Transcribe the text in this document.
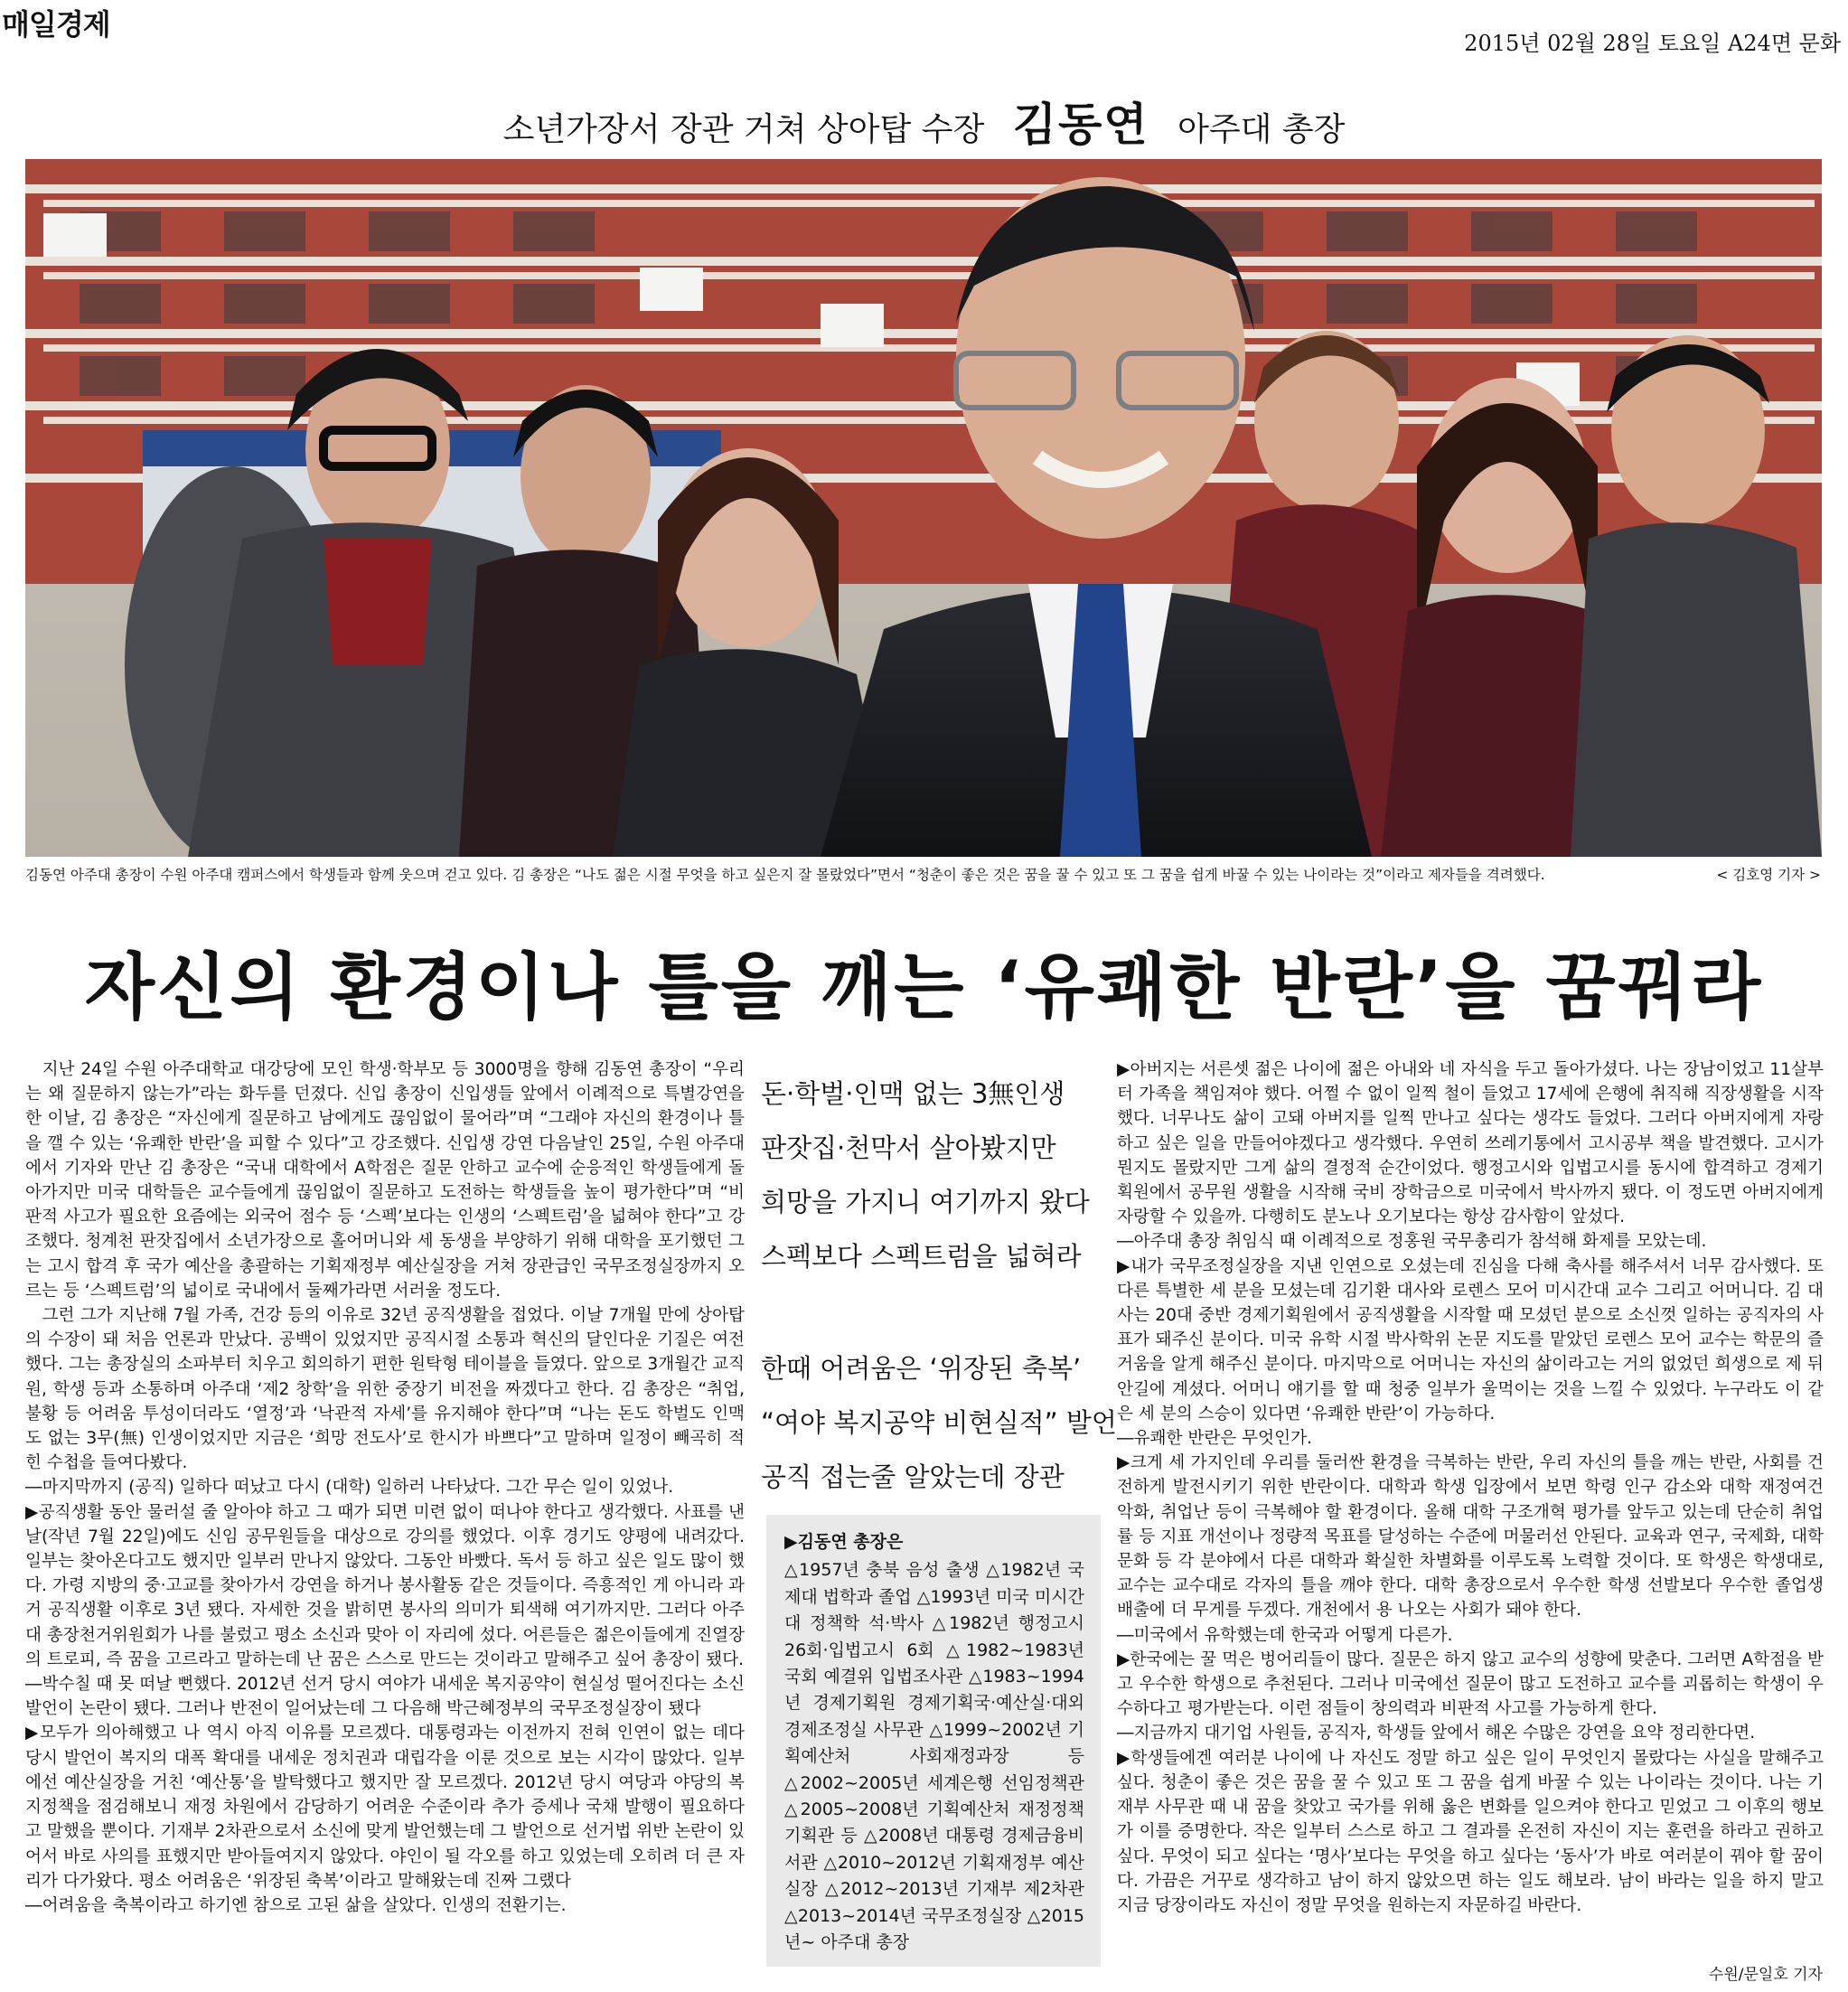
매일경제
2015년 02월 28일 토요일 A24면 문화
소년가장서 장관 거쳐 상아탑 수장 김동연 아주대 총장
김동연 아주대 총장이 수원 아주대 캠퍼스에서 학생들과 함께 웃으며 걷고 있다. 김 총장은 “나도 젊은 시절 무엇을 하고 싶은지 잘 몰랐었다”면서 “청춘이 좋은 것은 꿈을 꿀 수 있고 또 그 꿈을 쉽게 바꿀 수 있는 나이라는 것”이라고 제자들을 격려했다.	< 김호영 기자 >
자신의 환경이나 틀을 깨는 ‘유쾌한 반란’을 꿈꿔라

지난 24일 수원 아주대학교 대강당에 모인 학생·학부모 등 3000명을 향해 김동연 총장이 “우리는 왜 질문하지 않는가”라는 화두를 던졌다. 신입 총장이 신입생들 앞에서 이례적으로 특별강연을 한 이날, 김 총장은 “자신에게 질문하고 남에게도 끊임없이 물어라”며 “그래야 자신의 환경이나 틀을 깰 수 있는 ‘유쾌한 반란’을 피할 수 있다”고 강조했다. 신입생 강연 다음날인 25일, 수원 아주대에서 기자와 만난 김 총장은 “국내 대학에서 A학점은 질문 안하고 교수에 순응적인 학생들에게 돌아가지만 미국 대학들은 교수들에게 끊임없이 질문하고 도전하는 학생들을 높이 평가한다”며 “비판적 사고가 필요한 요즘에는 외국어 점수 등 ‘스펙’보다는 인생의 ‘스펙트럼’을 넓혀야 한다”고 강조했다. 청계천 판잣집에서 소년가장으로 홀어머니와 세 동생을 부양하기 위해 대학을 포기했던 그는 고시 합격 후 국가 예산을 총괄하는 기획재정부 예산실장을 거쳐 장관급인 국무조정실장까지 오르는 등 ‘스펙트럼’의 넓이로 국내에서 둘째가라면 서러울 정도다.

그런 그가 지난해 7월 가족, 건강 등의 이유로 32년 공직생활을 접었다. 이날 7개월 만에 상아탑의 수장이 돼 처음 언론과 만났다. 공백이 있었지만 공직시절 소통과 혁신의 달인다운 기질은 여전했다. 그는 총장실의 소파부터 치우고 회의하기 편한 원탁형 테이블을 들였다. 앞으로 3개월간 교직원, 학생 등과 소통하며 아주대 ‘제2 창학’을 위한 중장기 비전을 짜겠다고 한다. 김 총장은 “취업, 불황 등 어려움 투성이더라도 ‘열정’과 ‘낙관적 자세’를 유지해야 한다”며 “나는 돈도 학벌도 인맥도 없는 3무(無) 인생이었지만 지금은 ‘희망 전도사’로 한시가 바쁘다”고 말하며 일정이 빼곡히 적힌 수첩을 들여다봤다.

―마지막까지 (공직) 일하다 떠났고 다시 (대학) 일하러 나타났다. 그간 무슨 일이 있었나.

▶공직생활 동안 물러설 줄 알아야 하고 그 때가 되면 미련 없이 떠나야 한다고 생각했다. 사표를 낸 날(작년 7월 22일)에도 신임 공무원들을 대상으로 강의를 했었다. 이후 경기도 양평에 내려갔다. 일부는 찾아온다고도 했지만 일부러 만나지 않았다. 그동안 바빴다. 독서 등 하고 싶은 일도 많이 했다. 가령 지방의 중·고교를 찾아가서 강연을 하거나 봉사활동 같은 것들이다. 즉흥적인 게 아니라 과거 공직생활 이후로 3년 됐다. 자세한 것을 밝히면 봉사의 의미가 퇴색해 여기까지만. 그러다 아주대 총장천거위원회가 나를 불렀고 평소 소신과 맞아 이 자리에 섰다. 어른들은 젊은이들에게 진열장의 트로피, 즉 꿈을 고르라고 말하는데 난 꿈은 스스로 만드는 것이라고 말해주고 싶어 총장이 됐다.

―박수칠 때 못 떠날 뻔했다. 2012년 선거 당시 여야가 내세운 복지공약이 현실성 떨어진다는 소신 발언이 논란이 됐다. 그러나 반전이 일어났는데 그 다음해 박근혜정부의 국무조정실장이 됐다

▶모두가 의아해했고 나 역시 아직 이유를 모르겠다. 대통령과는 이전까지 전혀 인연이 없는 데다 당시 발언이 복지의 대폭 확대를 내세운 정치권과 대립각을 이룬 것으로 보는 시각이 많았다. 일부에선 예산실장을 거친 ‘예산통’을 발탁했다고 했지만 잘 모르겠다. 2012년 당시 여당과 야당의 복지정책을 점검해보니 재정 차원에서 감당하기 어려운 수준이라 추가 증세나 국채 발행이 필요하다고 말했을 뿐이다. 기재부 2차관으로서 소신에 맞게 발언했는데 그 발언으로 선거법 위반 논란이 있어서 바로 사의를 표했지만 받아들여지지 않았다. 야인이 될 각오를 하고 있었는데 오히려 더 큰 자리가 다가왔다. 평소 어려움은 ‘위장된 축복’이라고 말해왔는데 진짜 그랬다

―어려움을 축복이라고 하기엔 참으로 고된 삶을 살았다. 인생의 전환기는.

돈·학벌·인맥 없는 3無인생
판잣집·천막서 살아봤지만
희망을 가지니 여기까지 왔다
스펙보다 스펙트럼을 넓혀라
한때 어려움은 ‘위장된 축복’
“여야 복지공약 비현실적” 발언
공직 접는줄 알았는데 장관
▶김동연 총장은
△1957년 충북 음성 출생 △1982년 국제대 법학과 졸업 △1993년 미국 미시간대 정책학 석·박사 △1982년 행정고시 26회·입법고시 6회 △1982~1983년 국회 예결위 입법조사관 △1983~1994년 경제기획원 경제기획국·예산실·대외경제조정실 사무관 △1999~2002년 기획예산처 사회재정과장 등 △2002~2005년 세계은행 선임정책관 △2005~2008년 기획예산처 재정정책기획관 등 △2008년 대통령 경제금융비서관 △2010~2012년 기획재정부 예산실장 △2012~2013년 기재부 제2차관 △2013~2014년 국무조정실장 △2015년~ 아주대 총장

▶아버지는 서른셋 젊은 나이에 젊은 아내와 네 자식을 두고 돌아가셨다. 나는 장남이었고 11살부터 가족을 책임져야 했다. 어쩔 수 없이 일찍 철이 들었고 17세에 은행에 취직해 직장생활을 시작했다. 너무나도 삶이 고돼 아버지를 일찍 만나고 싶다는 생각도 들었다. 그러다 아버지에게 자랑하고 싶은 일을 만들어야겠다고 생각했다. 우연히 쓰레기통에서 고시공부 책을 발견했다. 고시가 뭔지도 몰랐지만 그게 삶의 결정적 순간이었다. 행정고시와 입법고시를 동시에 합격하고 경제기획원에서 공무원 생활을 시작해 국비 장학금으로 미국에서 박사까지 됐다. 이 정도면 아버지에게 자랑할 수 있을까. 다행히도 분노나 오기보다는 항상 감사함이 앞섰다.

―아주대 총장 취임식 때 이례적으로 정홍원 국무총리가 참석해 화제를 모았는데.

▶내가 국무조정실장을 지낸 인연으로 오셨는데 진심을 다해 축사를 해주셔서 너무 감사했다. 또 다른 특별한 세 분을 모셨는데 김기환 대사와 로렌스 모어 미시간대 교수 그리고 어머니다. 김 대사는 20대 중반 경제기획원에서 공직생활을 시작할 때 모셨던 분으로 소신껏 일하는 공직자의 사표가 돼주신 분이다. 미국 유학 시절 박사학위 논문 지도를 맡았던 로렌스 모어 교수는 학문의 즐거움을 알게 해주신 분이다. 마지막으로 어머니는 자신의 삶이라고는 거의 없었던 희생으로 제 뒤안길에 계셨다. 어머니 얘기를 할 때 청중 일부가 울먹이는 것을 느낄 수 있었다. 누구라도 이 같은 세 분의 스승이 있다면 ‘유쾌한 반란’이 가능하다.

―유쾌한 반란은 무엇인가.

▶크게 세 가지인데 우리를 둘러싼 환경을 극복하는 반란, 우리 자신의 틀을 깨는 반란, 사회를 건전하게 발전시키기 위한 반란이다. 대학과 학생 입장에서 보면 학령 인구 감소와 대학 재정여건 악화, 취업난 등이 극복해야 할 환경이다. 올해 대학 구조개혁 평가를 앞두고 있는데 단순히 취업률 등 지표 개선이나 정량적 목표를 달성하는 수준에 머물러선 안된다. 교육과 연구, 국제화, 대학문화 등 각 분야에서 다른 대학과 확실한 차별화를 이루도록 노력할 것이다. 또 학생은 학생대로, 교수는 교수대로 각자의 틀을 깨야 한다. 대학 총장으로서 우수한 학생 선발보다 우수한 졸업생 배출에 더 무게를 두겠다. 개천에서 용 나오는 사회가 돼야 한다.

―미국에서 유학했는데 한국과 어떻게 다른가.

▶한국에는 꿀 먹은 벙어리들이 많다. 질문은 하지 않고 교수의 성향에 맞춘다. 그러면 A학점을 받고 우수한 학생으로 추천된다. 그러나 미국에선 질문이 많고 도전하고 교수를 괴롭히는 학생이 우수하다고 평가받는다. 이런 점들이 창의력과 비판적 사고를 가능하게 한다.

―지금까지 대기업 사원들, 공직자, 학생들 앞에서 해온 수많은 강연을 요약 정리한다면.

▶학생들에겐 여러분 나이에 나 자신도 정말 하고 싶은 일이 무엇인지 몰랐다는 사실을 말해주고 싶다. 청춘이 좋은 것은 꿈을 꿀 수 있고 또 그 꿈을 쉽게 바꿀 수 있는 나이라는 것이다. 나는 기재부 사무관 때 내 꿈을 찾았고 국가를 위해 옳은 변화를 일으켜야 한다고 믿었고 그 이후의 행보가 이를 증명한다. 작은 일부터 스스로 하고 그 결과를 온전히 자신이 지는 훈련을 하라고 권하고 싶다. 무엇이 되고 싶다는 ‘명사’보다는 무엇을 하고 싶다는 ‘동사’가 바로 여러분이 꿔야 할 꿈이다. 가끔은 거꾸로 생각하고 남이 하지 않았으면 하는 일도 해보라. 남이 바라는 일을 하지 말고 지금 당장이라도 자신이 정말 무엇을 원하는지 자문하길 바란다.

수원/문일호 기자
